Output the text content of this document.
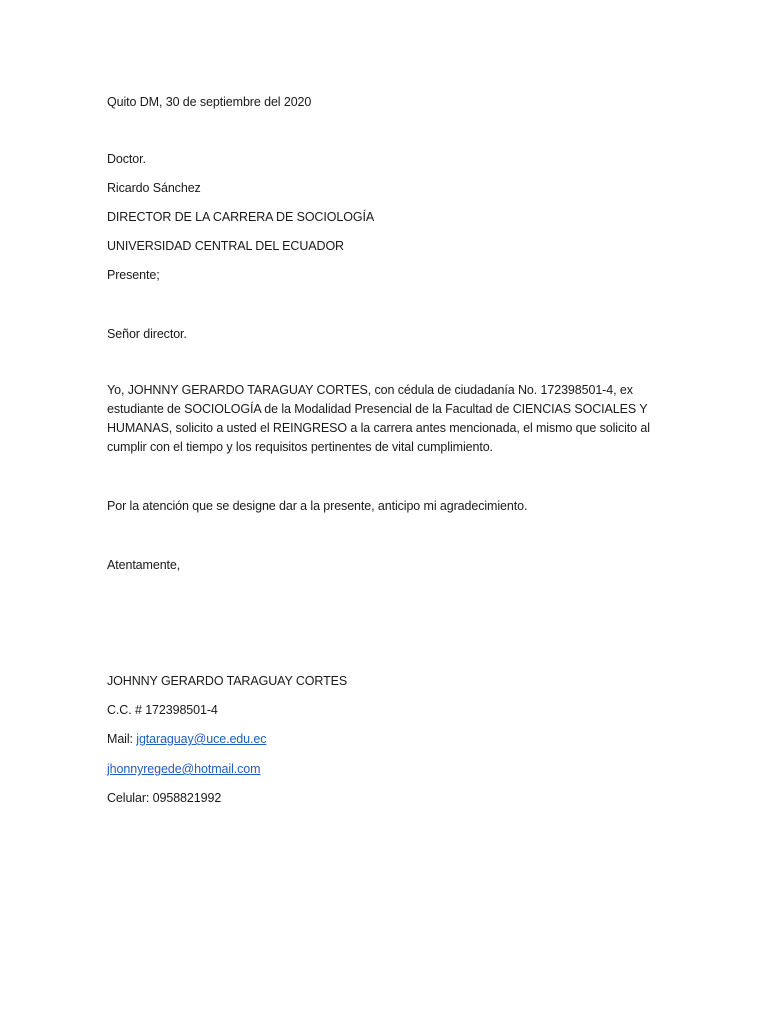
Quito DM, 30 de septiembre del 2020
Doctor.
Ricardo Sánchez
DIRECTOR DE LA CARRERA DE SOCIOLOGÍA
UNIVERSIDAD CENTRAL DEL ECUADOR
Presente;
Señor director.
Yo, JOHNNY GERARDO TARAGUAY CORTES, con cédula de ciudadanía No. 172398501-4, ex
estudiante de SOCIOLOGÍA de la Modalidad Presencial de la Facultad de CIENCIAS SOCIALES Y
HUMANAS, solicito a usted el REINGRESO a la carrera antes mencionada, el mismo que solicito al
cumplir con el tiempo y los requisitos pertinentes de vital cumplimiento.
Por la atención que se designe dar a la presente, anticipo mi agradecimiento.
Atentamente,
JOHNNY GERARDO TARAGUAY CORTES
C.C. # 172398501-4
Mail: jgtaraguay@uce.edu.ec
jhonnyregede@hotmail.com
Celular: 0958821992
